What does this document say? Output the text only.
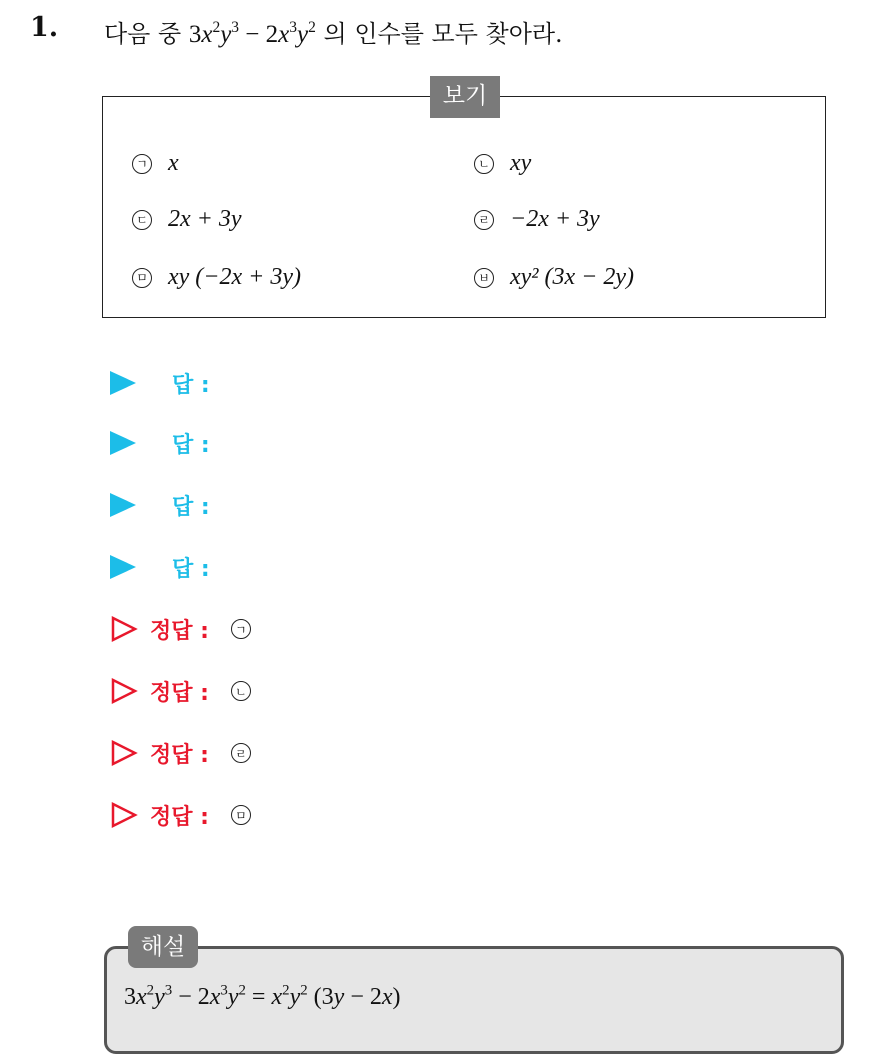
1. 다음 중 $3x^2y^3 - 2x^3y^2$ 의 인수를 모두 찾아라.
보기
ㄱ x	ㄴ xy
ㄷ 2x + 3y	ㄹ −2x + 3y
ㅁ xy (−2x + 3y)	ㅂ xy² (3x − 2y)
답 :
답 :
답 :
답 :
정답 :	ㄱ
정답 :	ㄴ
정답 :	ㄹ
정답 :	ㅁ
해설
$3x^2y^3 - 2x^3y^2 = x^2y^2$ (3y − 2x)
